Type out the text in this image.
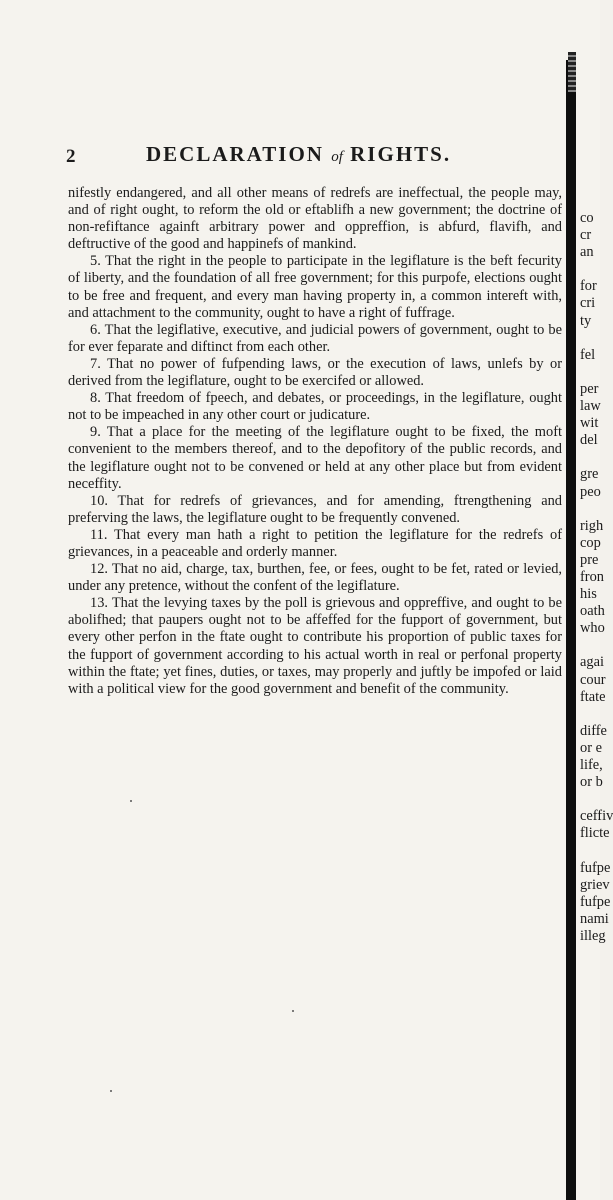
2	DECLARATION of RIGHTS.

nifestly endangered, and all other means of redrefs are ineffectual, the people may, and of right ought, to reform the old or eftablifh a new government; the doctrine of non-refiftance againft arbitrary power and oppreffion, is abfurd, flavifh, and deftructive of the good and happinefs of mankind.

5. That the right in the people to participate in the legiflature is the beft fecurity of liberty, and the foundation of all free government; for this purpofe, elections ought to be free and frequent, and every man having property in, a common intereft with, and attachment to the community, ought to have a right of fuffrage.

6. That the legiflative, executive, and judicial powers of government, ought to be for ever feparate and diftinct from each other.

7. That no power of fufpending laws, or the execution of laws, unlefs by or derived from the legiflature, ought to be exercifed or allowed.

8. That freedom of fpeech, and debates, or proceedings, in the legiflature, ought not to be impeached in any other court or judicature.

9. That a place for the meeting of the legiflature ought to be fixed, the moft convenient to the members thereof, and to the depofitory of the public records, and the legiflature ought not to be convened or held at any other place but from evident neceffity.

10. That for redrefs of grievances, and for amending, ftrengthening and preferving the laws, the legiflature ought to be frequently convened.

11. That every man hath a right to petition the legiflature for the redrefs of grievances, in a peaceable and orderly manner.

12. That no aid, charge, tax, burthen, fee, or fees, ought to be fet, rated or levied, under any pretence, without the confent of the legiflature.

13. That the levying taxes by the poll is grievous and oppreffive, and ought to be abolifhed; that paupers ought not to be affeffed for the fupport of government, but every other perfon in the ftate ought to contribute his proportion of public taxes for the fupport of government according to his actual worth in real or perfonal property within the ftate; yet fines, duties, or taxes, may properly and juftly be impofed or laid with a political view for the good government and benefit of the community.

co
cr
an
for
cri
ty
fel
per
law
wit
del
gre
peo
righ
cop
pre
fron
his
oath
who
agai
cour
ftate
diffe
or e
life,
or b
ceffiv
flicte
fufpe
griev
fufpe
nami
illeg
